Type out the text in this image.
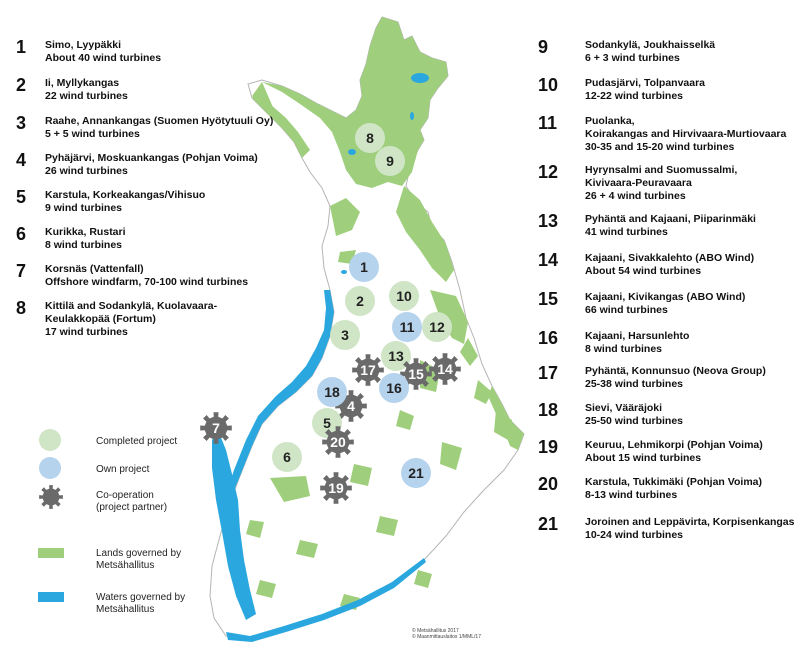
1
2
3
4
5
6
7
8
9
10
11 12
13
14
15
16
17
18
19
20
21
1 Simo, Lyypäkki
About 40 wind turbines
2 Ii, Myllykangas
22 wind turbines
3 Raahe, Annankangas (Suomen Hyötytuuli Oy)
5 + 5 wind turbines
4 Pyhäjärvi, Moskuankangas (Pohjan Voima)
26 wind turbines
5 Karstula, Korkeakangas/Vihisuo
9 wind turbines
6 Kurikka, Rustari
8 wind turbines
7 Korsnäs (Vattenfall)
Offshore windfarm, 70-100 wind turbines
8 Kittilä and Sodankylä, Kuolavaara-
Keulakkopää (Fortum)
17 wind turbines
9	Sodankylä, Joukhaisselkä
6 + 3 wind turbines
10	Pudasjärvi, Tolpanvaara
12-22 wind turbines
11	Puolanka,
Koirakangas and Hirvivaara-Murtiovaara
30-35 and 15-20 wind turbines
12	Hyrynsalmi and Suomussalmi,
Kivivaara-Peuravaara
26 + 4 wind turbines
13	Pyhäntä and Kajaani, Piiparinmäki
41 wind turbines
14	Kajaani, Sivakkalehto (ABO Wind)
About 54 wind turbines
15	Kajaani, Kivikangas (ABO Wind)
66 wind turbines
16	Kajaani, Harsunlehto
8 wind turbines
17	Pyhäntä, Konnunsuo (Neova Group)
25-38 wind turbines
18	Sievi, Vääräjoki
25-50 wind turbines
19	Keuruu, Lehmikorpi (Pohjan Voima)
About 15 wind turbines
20	Karstula, Tukkimäki (Pohjan Voima)
8-13 wind turbines
21	Joroinen and Leppävirta, Korpisenkangas
10-24 wind turbines
Completed project
Own project
Co-operation
(project partner)
Lands governed by
Metsähallitus
Waters governed by
Metsähallitus
© Metsähallitus 2017
© Maanmittauslaitos 1/MML/17
